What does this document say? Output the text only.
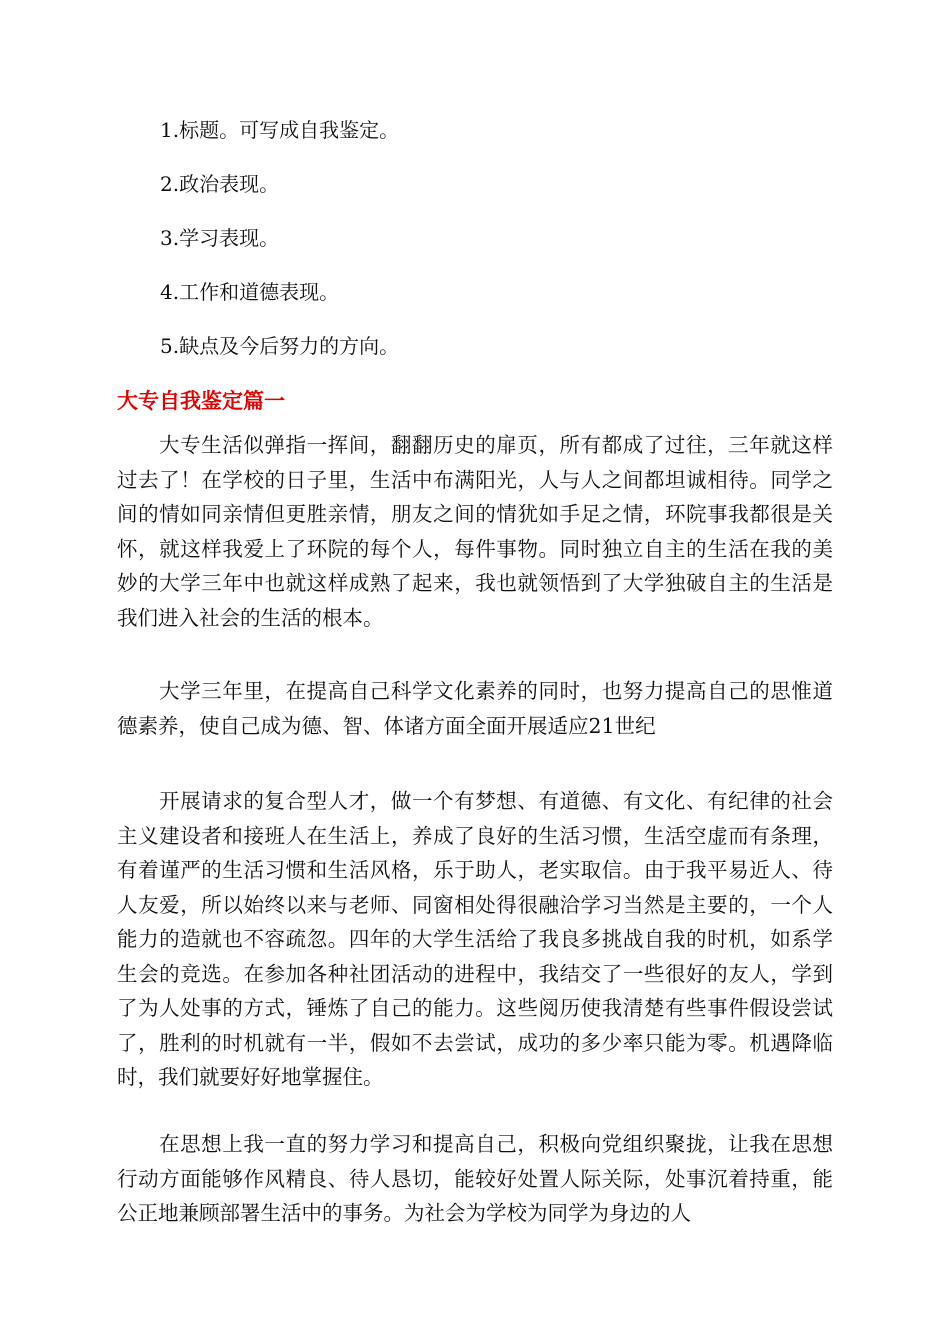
1.标题。可写成自我鉴定。
2.政治表现。
3.学习表现。
4.工作和道德表现。
5.缺点及今后努力的方向。
大专自我鉴定篇一

大专生活似弹指一挥间，翻翻历史的扉页，所有都成了过往，三年就这样过去了！在学校的日子里，生活中布满阳光，人与人之间都坦诚相待。同学之间的情如同亲情但更胜亲情，朋友之间的情犹如手足之情，环院事我都很是关怀，就这样我爱上了环院的每个人，每件事物。同时独立自主的生活在我的美妙的大学三年中也就这样成熟了起来，我也就领悟到了大学独破自主的生活是我们进入社会的生活的根本。

大学三年里，在提高自己科学文化素养的同时，也努力提高自己的思惟道德素养，使自己成为德、智、体诸方面全面开展适应21世纪

开展请求的复合型人才，做一个有梦想、有道德、有文化、有纪律的社会主义建设者和接班人在生活上，养成了良好的生活习惯，生活空虚而有条理，有着谨严的生活习惯和生活风格，乐于助人，老实取信。由于我平易近人、待人友爱，所以始终以来与老师、同窗相处得很融洽学习当然是主要的，一个人能力的造就也不容疏忽。四年的大学生活给了我良多挑战自我的时机，如系学生会的竞选。在参加各种社团活动的进程中，我结交了一些很好的友人，学到了为人处事的方式，锤炼了自己的能力。这些阅历使我清楚有些事件假设尝试了，胜利的时机就有一半，假如不去尝试，成功的多少率只能为零。机遇降临时，我们就要好好地掌握住。

在思想上我一直的努力学习和提高自己，积极向党组织聚拢，让我在思想行动方面能够作风精良、待人恳切，能较好处置人际关际，处事沉着持重，能公正地兼顾部署生活中的事务。为社会为学校为同学为身边的人
